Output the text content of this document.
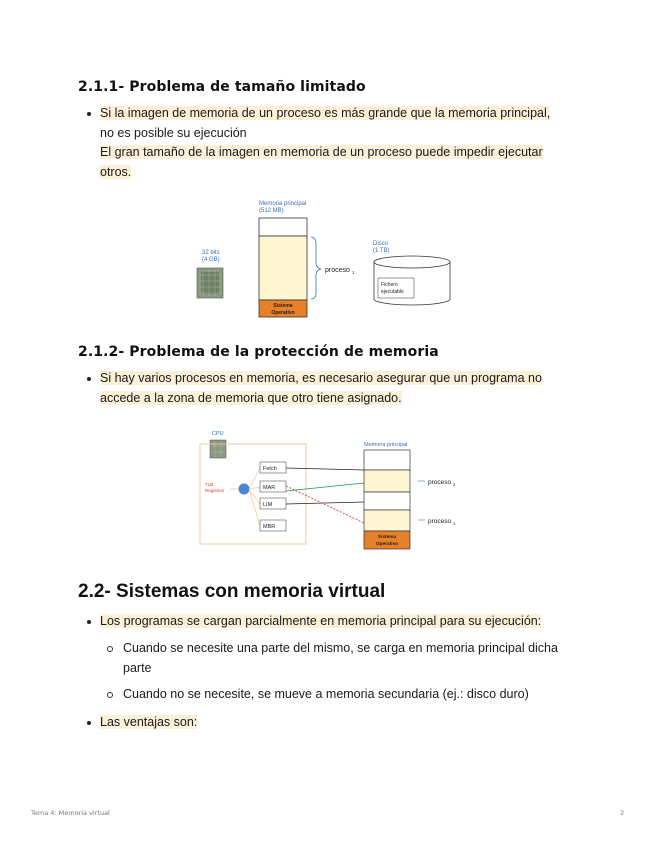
2.1.1- Problema de tamaño limitado
Si la imagen de memoria de un proceso es más grande que la memoria principal,
no es posible su ejecución
El gran tamaño de la imagen en memoria de un proceso puede impedir ejecutar
otros.
Memoria principal
(512 MB)
Sistema
Operativo
proceso 1
32 bits
(4 GB)
Disco
(1 TB)
Fichero
ejecutable
2.1.2- Problema de la protección de memoria
Si hay varios procesos en memoria, es necesario asegurar que un programa no
accede a la zona de memoria que otro tiene asignado.
CPU
TLB
Registros
Fetch
MAR
LIM
MBR
Memoria principal
Sistema
Operativo
proceso 2
proceso 1
2.2- Sistemas con memoria virtual
Los programas se cargan parcialmente en memoria principal para su ejecución:
Cuando se necesite una parte del mismo, se carga en memoria principal dicha
parte
Cuando no se necesite, se mueve a memoria secundaria (ej.: disco duro)
Las ventajas son:
Tema 4: Memoria virtual	2
